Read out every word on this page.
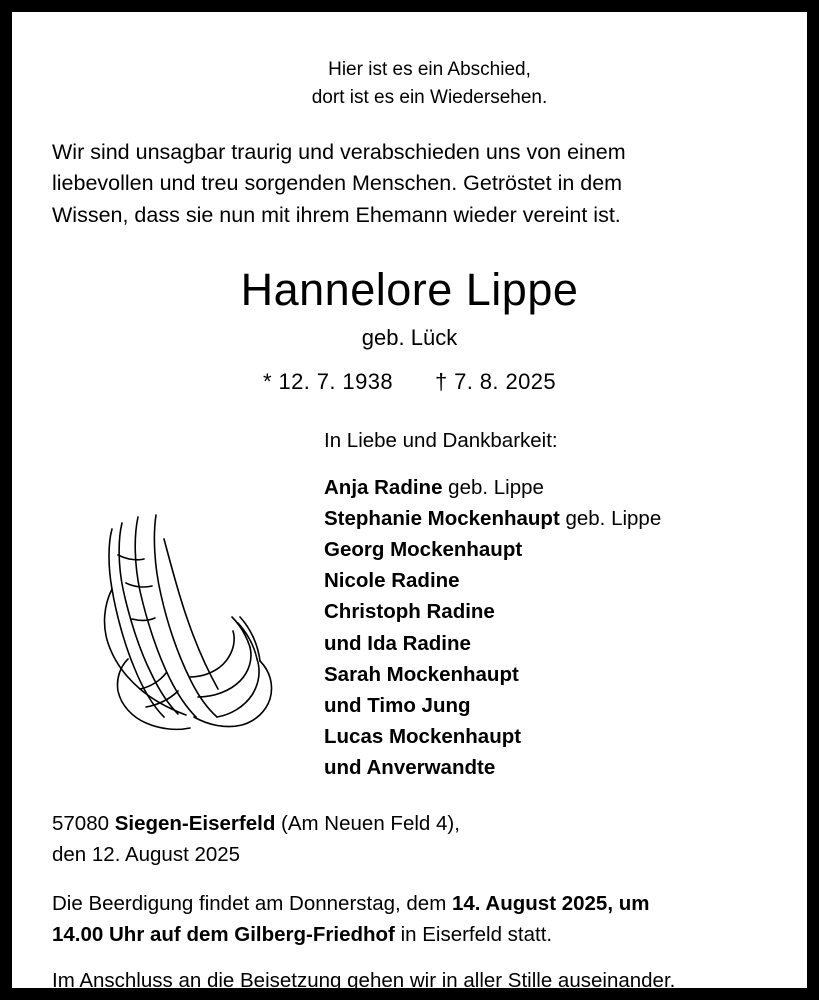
Hier ist es ein Abschied,
dort ist es ein Wiedersehen.
Wir sind unsagbar traurig und verabschieden uns von einem
liebevollen und treu sorgenden Menschen. Getröstet in dem
Wissen, dass sie nun mit ihrem Ehemann wieder vereint ist.
Hannelore Lippe
geb. Lück
* 12. 7. 1938 † 7. 8. 2025
In Liebe und Dankbarkeit:
Anja Radine geb. Lippe
Stephanie Mockenhaupt geb. Lippe
Georg Mockenhaupt
Nicole Radine
Christoph Radine
und Ida Radine
Sarah Mockenhaupt
und Timo Jung
Lucas Mockenhaupt
und Anverwandte
57080 Siegen-Eiserfeld (Am Neuen Feld 4),
den 12. August 2025
Die Beerdigung findet am Donnerstag, dem 14. August 2025, um
14.00 Uhr auf dem Gilberg-Friedhof in Eiserfeld statt.
Im Anschluss an die Beisetzung gehen wir in aller Stille auseinander.
